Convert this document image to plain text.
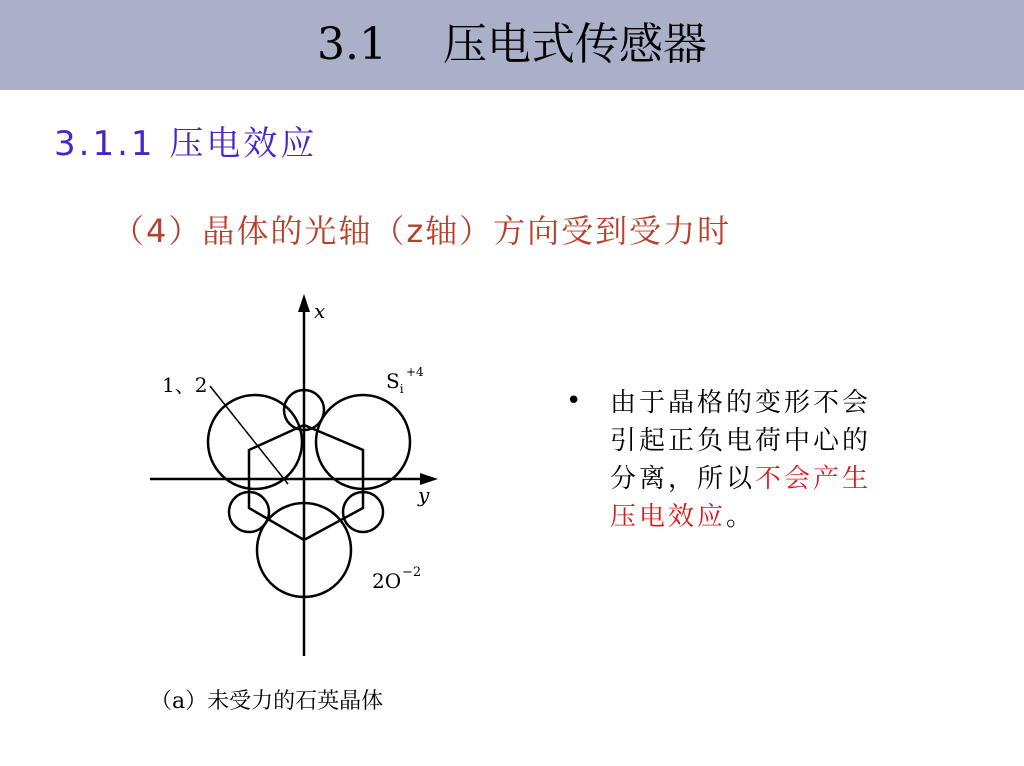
3.1    压电式传感器
3.1.1 压电效应
（4）晶体的光轴（z轴）方向受到受力时
x
y
1、2	$S_i$
+4
2O −2
（a）未受力的石英晶体
• 由于晶格的变形不会引起正负电荷中心的分离，所以不会产生压电效应。
